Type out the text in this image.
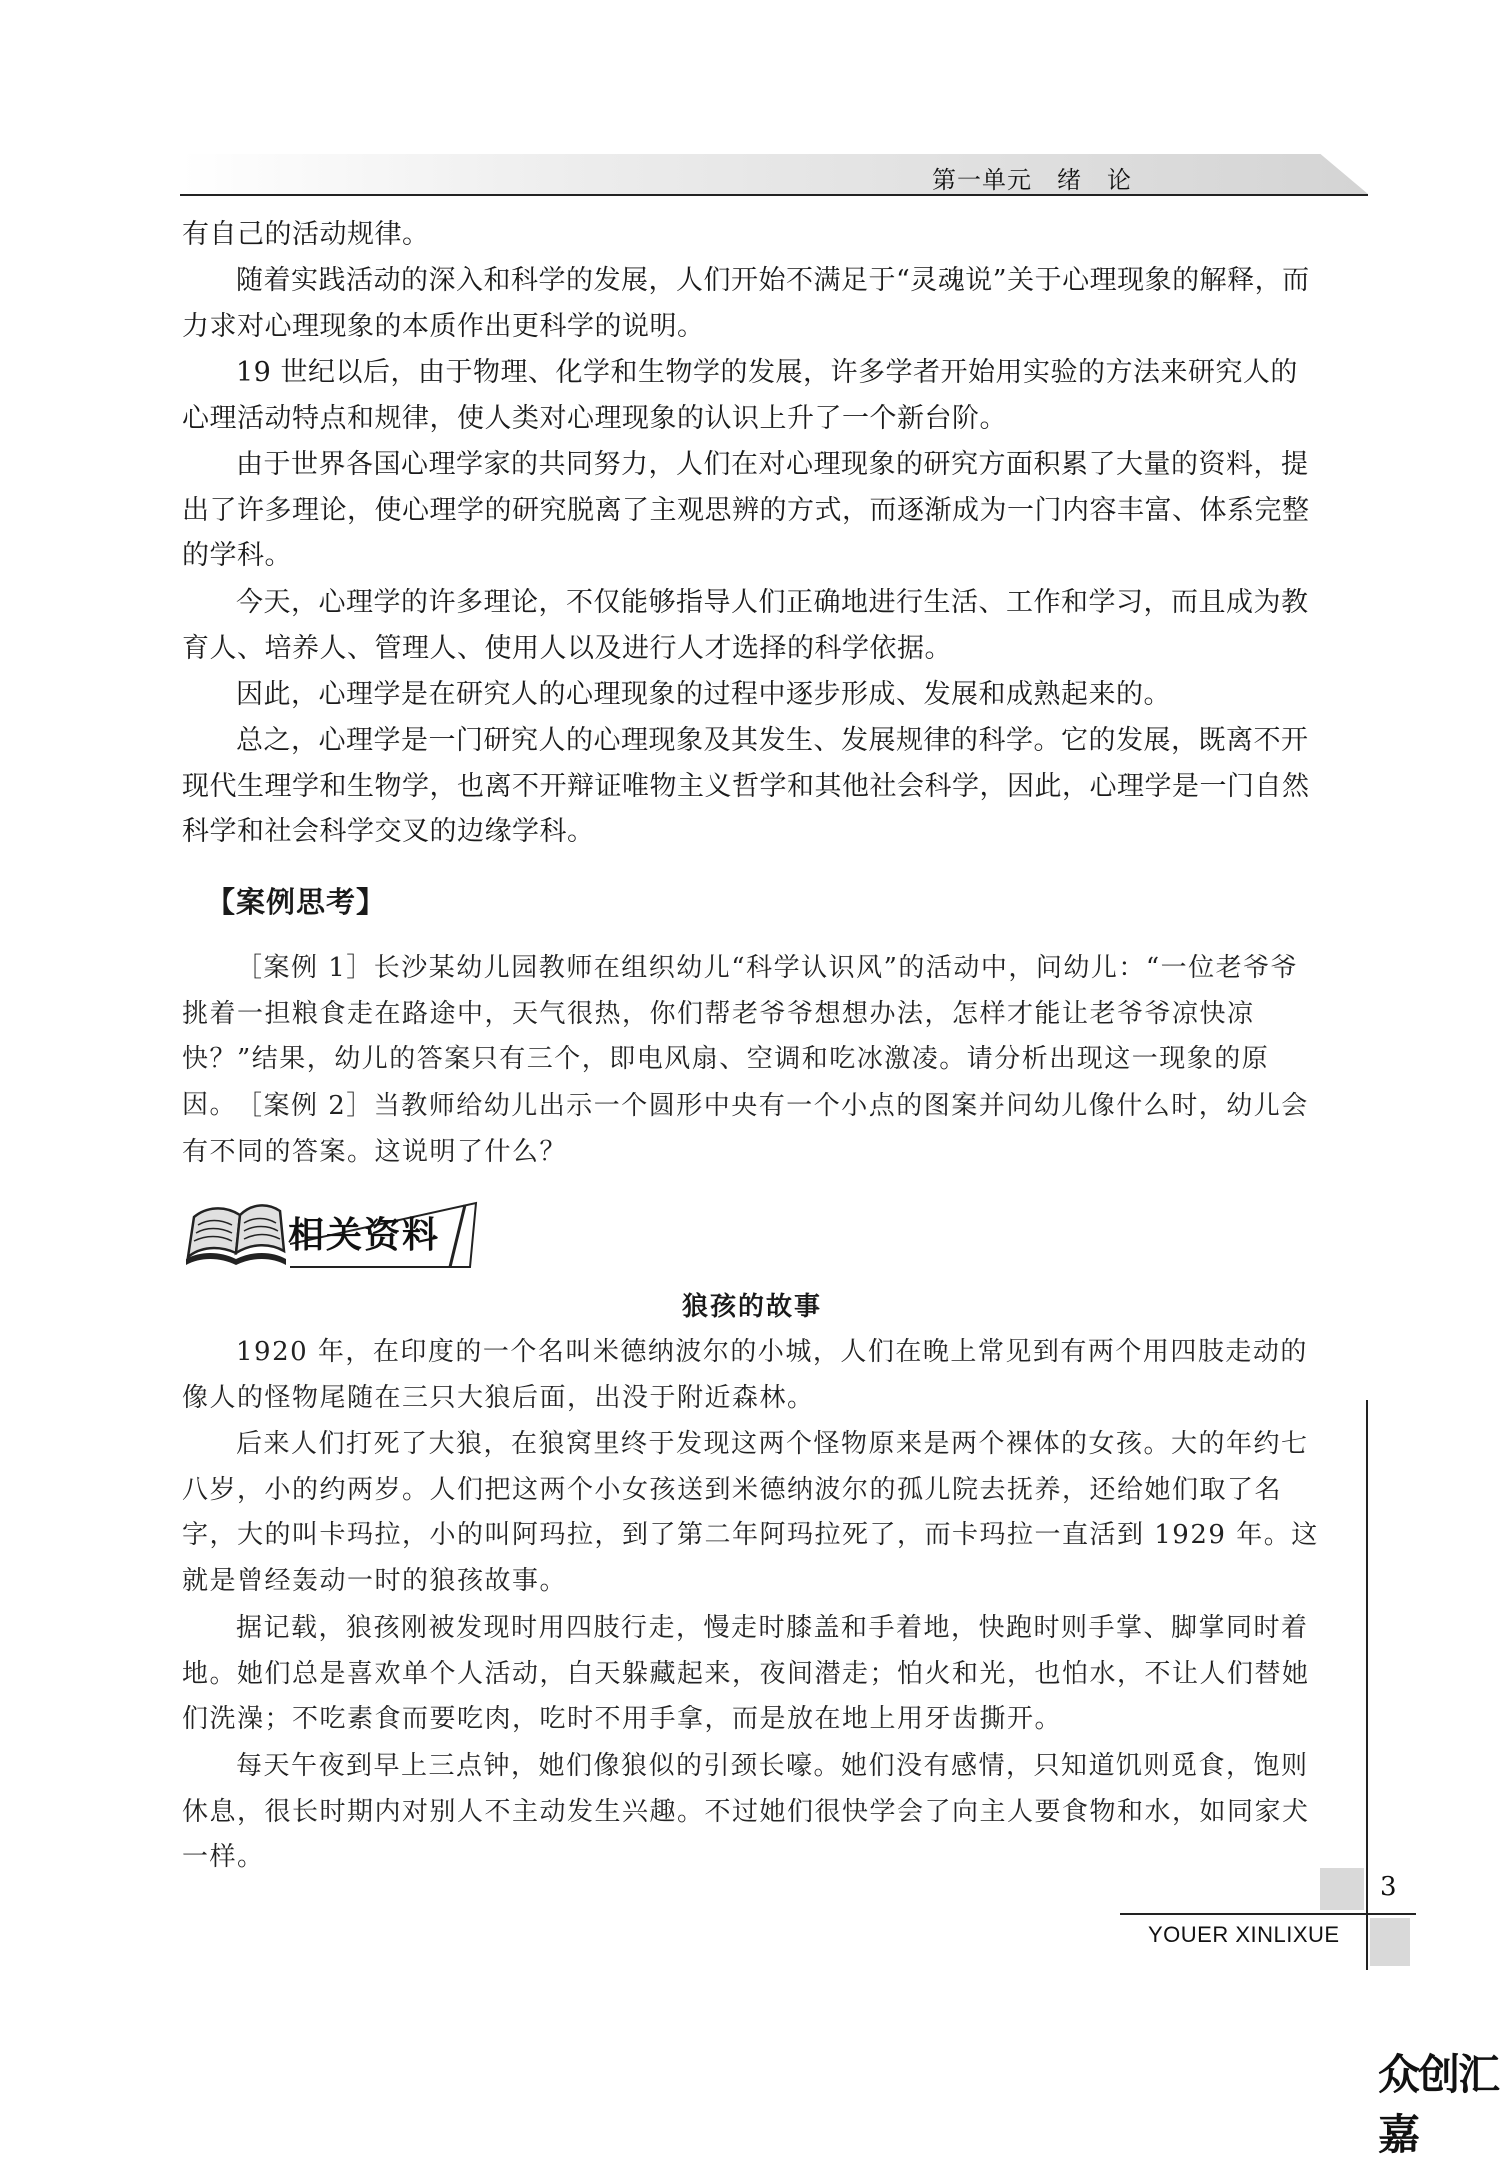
第一单元　绪　论

有自己的活动规律。

随着实践活动的深入和科学的发展，人们开始不满足于“灵魂说”关于心理现象的解释，而力求对心理现象的本质作出更科学的说明。

19 世纪以后，由于物理、化学和生物学的发展，许多学者开始用实验的方法来研究人的心理活动特点和规律，使人类对心理现象的认识上升了一个新台阶。

由于世界各国心理学家的共同努力，人们在对心理现象的研究方面积累了大量的资料，提出了许多理论，使心理学的研究脱离了主观思辨的方式，而逐渐成为一门内容丰富、体系完整的学科。

今天，心理学的许多理论，不仅能够指导人们正确地进行生活、工作和学习，而且成为教育人、培养人、管理人、使用人以及进行人才选择的科学依据。

因此，心理学是在研究人的心理现象的过程中逐步形成、发展和成熟起来的。

总之，心理学是一门研究人的心理现象及其发生、发展规律的科学。它的发展，既离不开现代生理学和生物学，也离不开辩证唯物主义哲学和其他社会科学，因此，心理学是一门自然科学和社会科学交叉的边缘学科。

【案例思考】

［案例 1］长沙某幼儿园教师在组织幼儿“科学认识风”的活动中，问幼儿：“一位老爷爷挑着一担粮食走在路途中，天气很热，你们帮老爷爷想想办法，怎样才能让老爷爷凉快凉快？”结果，幼儿的答案只有三个，即电风扇、空调和吃冰激凌。请分析出现这一现象的原因。

［案例 2］当教师给幼儿出示一个圆形中央有一个小点的图案并问幼儿像什么时，幼儿会有不同的答案。这说明了什么？

相关资料
狼孩的故事

1920 年，在印度的一个名叫米德纳波尔的小城，人们在晚上常见到有两个用四肢走动的像人的怪物尾随在三只大狼后面，出没于附近森林。

后来人们打死了大狼，在狼窝里终于发现这两个怪物原来是两个裸体的女孩。大的年约七八岁，小的约两岁。人们把这两个小女孩送到米德纳波尔的孤儿院去抚养，还给她们取了名字，大的叫卡玛拉，小的叫阿玛拉，到了第二年阿玛拉死了，而卡玛拉一直活到 1929 年。这就是曾经轰动一时的狼孩故事。

据记载，狼孩刚被发现时用四肢行走，慢走时膝盖和手着地，快跑时则手掌、脚掌同时着地。她们总是喜欢单个人活动，白天躲藏起来，夜间潜走；怕火和光，也怕水，不让人们替她们洗澡；不吃素食而要吃肉，吃时不用手拿，而是放在地上用牙齿撕开。

每天午夜到早上三点钟，她们像狼似的引颈长嚎。她们没有感情，只知道饥则觅食，饱则休息，很长时期内对别人不主动发生兴趣。不过她们很快学会了向主人要食物和水，如同家犬一样。

3
YOUER XINLIXUE
众创汇嘉
